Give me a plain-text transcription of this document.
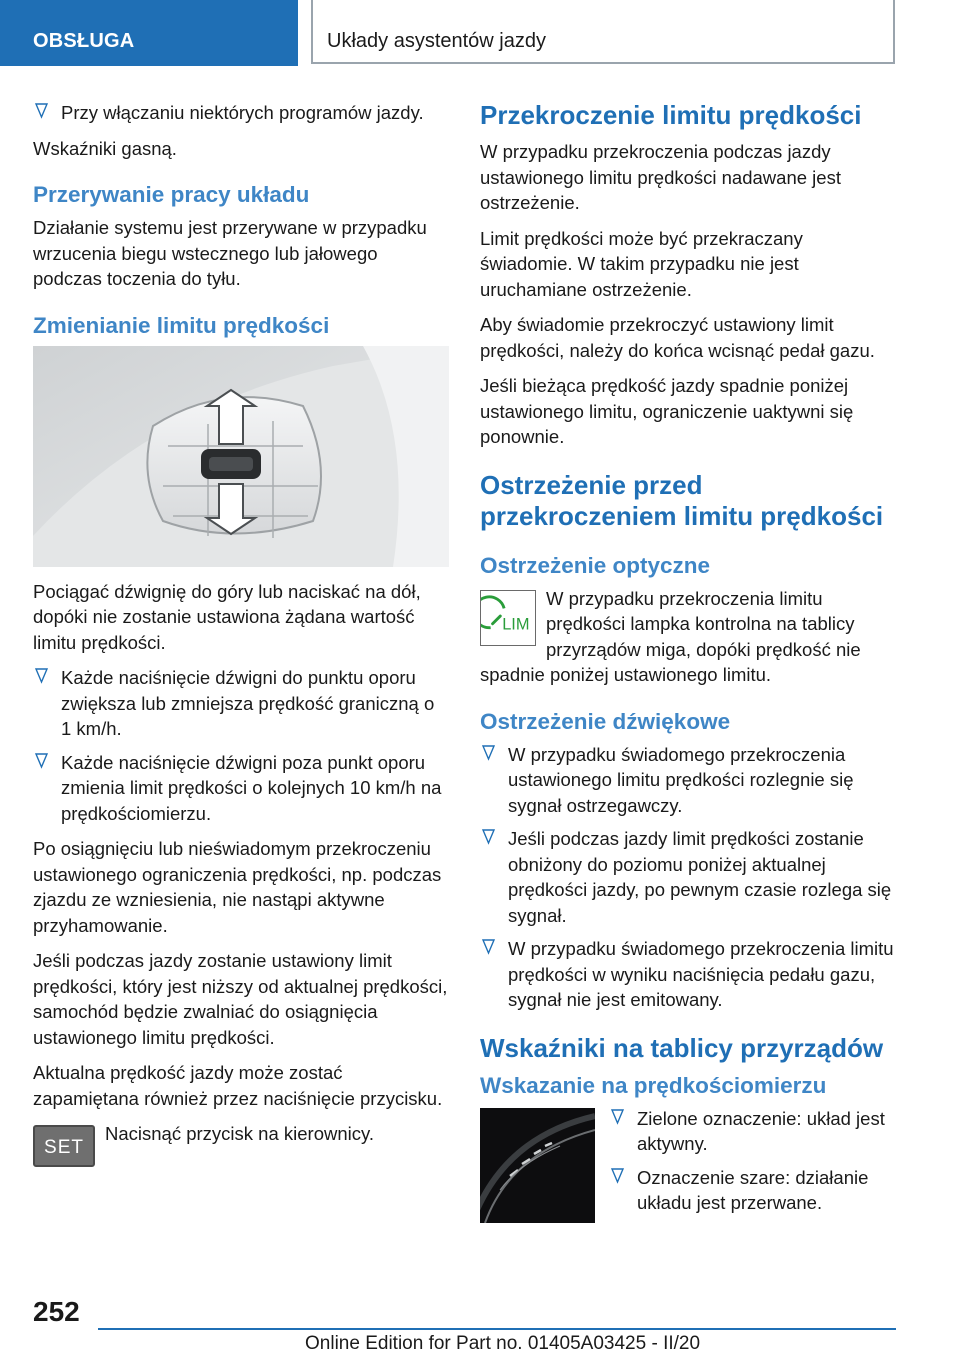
OBSŁUGA	Układy asystentów jazdy
Przy włączaniu niektórych programów jazdy.

Wskaźniki gasną.

Przerywanie pracy układu

Działanie systemu jest przerywane w przypadku wrzucenia biegu wstecznego lub jałowego podczas toczenia do tyłu.

Zmienianie limitu prędkości

Pociągać dźwignię do góry lub naciskać na dół, dopóki nie zostanie ustawiona żądana wartość limitu prędkości.

Każde naciśnięcie dźwigni do punktu oporu zwiększa lub zmniejsza prędkość graniczną o 1 km/h.
Każde naciśnięcie dźwigni poza punkt oporu zmienia limit prędkości o kolejnych 10 km/h na prędkościomierzu.

Po osiągnięciu lub nieświadomym przekroczeniu ustawionego ograniczenia prędkości, np. podczas zjazdu ze wzniesienia, nie nastąpi aktywne przyhamowanie.

Jeśli podczas jazdy zostanie ustawiony limit prędkości, który jest niższy od aktualnej prędkości, samochód będzie zwalniać do osiągnięcia ustawionego limitu prędkości.

Aktualna prędkość jazdy może zostać zapamiętana również przez naciśnięcie przycisku.

SET

Nacisnąć przycisk na kierownicy.

Przekroczenie limitu prędkości

W przypadku przekroczenia podczas jazdy ustawionego limitu prędkości nadawane jest ostrzeżenie.

Limit prędkości może być przekraczany świadomie. W takim przypadku nie jest uruchamiane ostrzeżenie.

Aby świadomie przekroczyć ustawiony limit prędkości, należy do końca wcisnąć pedał gazu.

Jeśli bieżąca prędkość jazdy spadnie poniżej ustawionego limitu, ograniczenie uaktywni się ponownie.

Ostrzeżenie przed przekroczeniem limitu prędkości
Ostrzeżenie optyczne
LIM

W przypadku przekroczenia limitu prędkości lampka kontrolna na tablicy przyrządów miga, dopóki prędkość nie spadnie poniżej ustawionego limitu.

Ostrzeżenie dźwiękowe
W przypadku świadomego przekroczenia ustawionego limitu prędkości rozlegnie się sygnał ostrzegawczy.
Jeśli podczas jazdy limit prędkości zostanie obniżony do poziomu poniżej aktualnej prędkości jazdy, po pewnym czasie rozlega się sygnał.
W przypadku świadomego przekroczenia limitu prędkości w wyniku naciśnięcia pedału gazu, sygnał nie jest emitowany.
Wskaźniki na tablicy przyrządów
Wskazanie na prędkościomierzu
Zielone oznaczenie: układ jest aktywny.
Oznaczenie szare: działanie układu jest przerwane.
252
Online Edition for Part no. 01405A03425 - II/20
